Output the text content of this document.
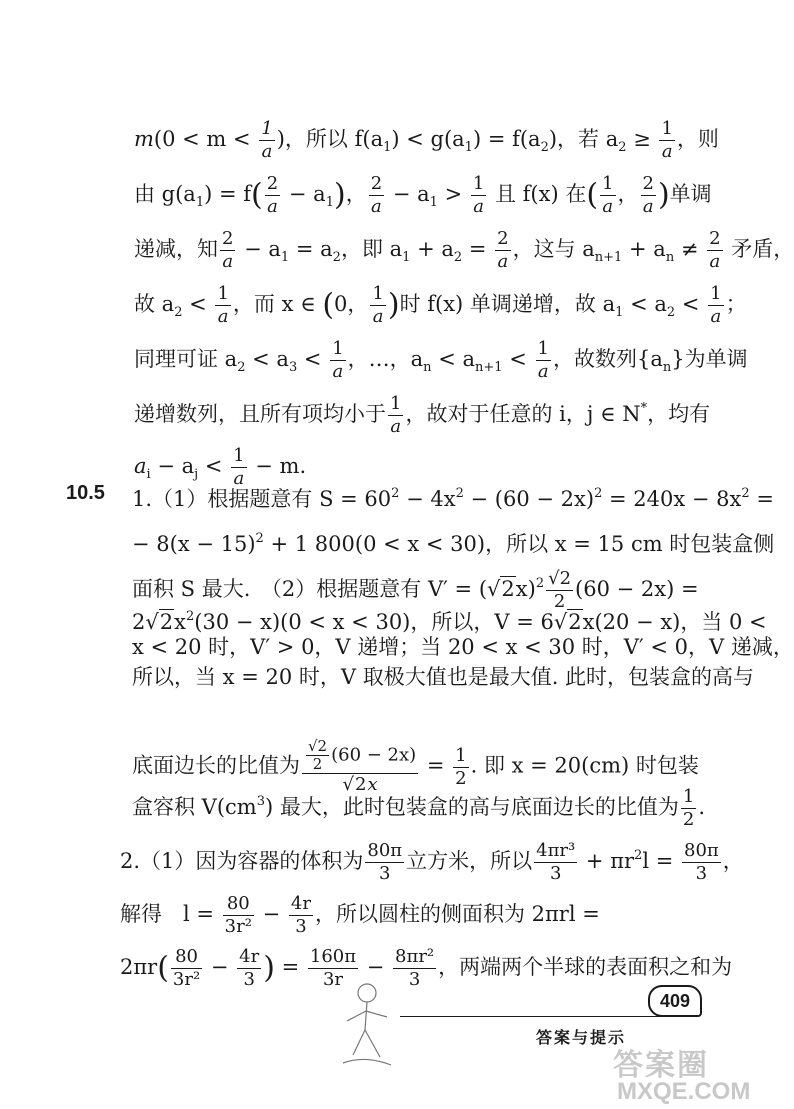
$m(0 < m < \frac{1}{a}$ )，所以 $f(a_1) < g(a_1) = f(a_2)$，若 $a_2 \ge \frac{1}{a}$ ，则
由 $g(a_1) = f( \frac{2}{a} - a_1)$， $\frac{2}{a} - a_1 > \frac{1}{a}$ 且 f(x) 在( $\frac{1}{a}$ ， $\frac{2}{a}$ )单调
递减，知 $\frac{2}{a} - a_1 = a_2$，即 $a_1 + a_2 = \frac{2}{a}$ ，这与 $a_{n+1} + a_n \ne \frac{2}{a}$ 矛盾，
故 $a_2 < \frac{1}{a}$ ，而 x ∈ (0， $\frac{1}{a}$ )时 f(x) 单调递增，故 $a_1 < a_2 < \frac{1}{a}$ ；
同理可证 $a_2 < a_3 < \frac{1}{a}$ ，…，$a_n < a_{n+1} < \frac{1}{a}$ ，故数列$\{a_n\}$为单调
递增数列，且所有项均小于 $\frac{1}{a}$ ，故对于任意的 i，j ∈ N*，均有
$a_i - a_j < \frac{1}{a} - m$.
10.5 1.（1）根据题意有 $S = 60^2 - 4x^2 - (60 - 2x)^2 = 240x - 8x^2$ =
− $8(x - 15)^2 + 1$ 800(0 < x < 30)，所以 x = 15 cm 时包装盒侧
面积 S 最大.　（2）根据题意有 $V' = (√2x)^2 \frac{√2}{2} (60 - 2x)$ =
$2√2x^2(30 - x)(0 < x < 30)$，所以，V = 6√2x(20 − x)，当 0 <
x < 20 时，V′ > 0，V 递增；当 20 < x < 30 时，V′ < 0，V 递减，
所以，当 x = 20 时，V 取极大值也是最大值. 此时，包装盒的高与
底面边长的比值为 $\frac{\frac{√2}{2} (60 - 2x)}{√2x} = \frac{1}{2}$ . 即 x = 20(cm) 时包装
盒容积 $V(cm^3)$ 最大，此时包装盒的高与底面边长的比值为 $\frac{1}{2}$ .
2.（1）因为容器的体积为 $\frac{80\pi}{3}$ 立方米，所以 $\frac{\text{4πr³}}{3} + \pi r^2l = \frac{80\pi}{3}$ ，
解得　$l = \frac{80}{\text{3r²}} - \frac{4r}{3}$ ，所以圆柱的侧面积为 2πrl =
$2\pi r( \frac{80}{\text{3r²}} - \frac{4r}{3}$ ) = $\frac{160\pi}{3r} - \frac{\text{8πr²}}{3}$ ，两端两个半球的表面积之和为
409
答案与提示
答案圈
MXQE.COM
